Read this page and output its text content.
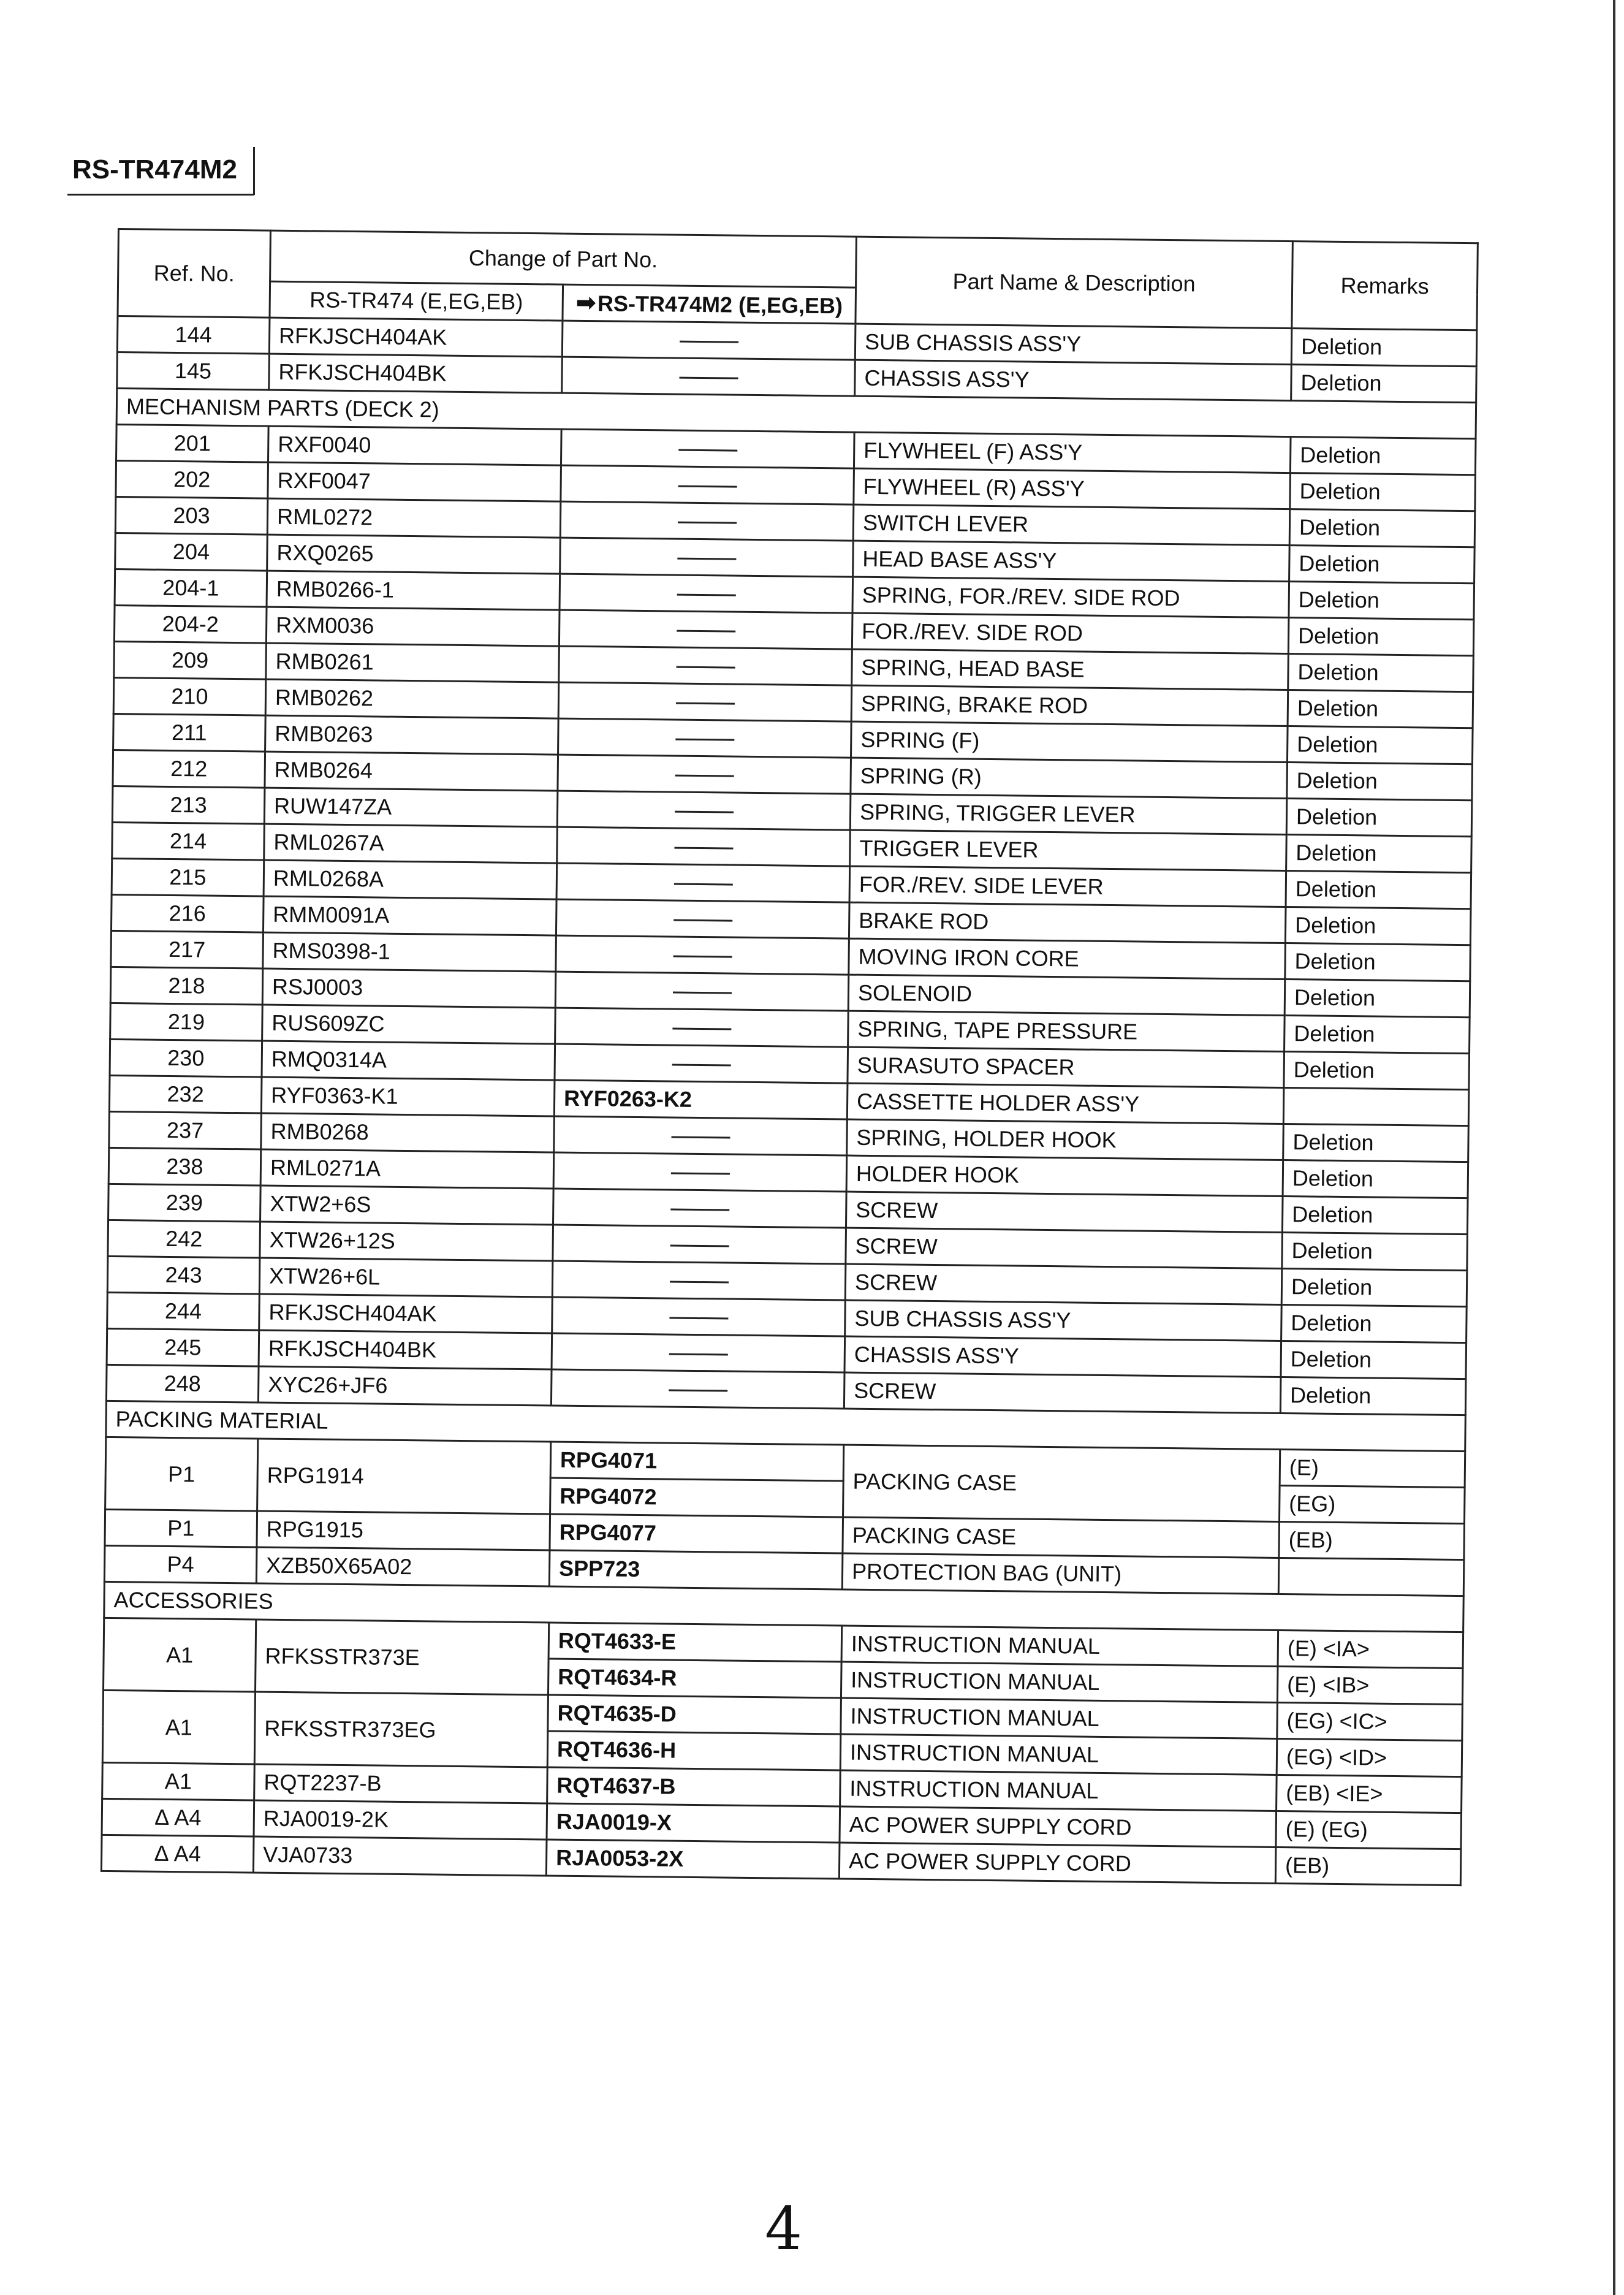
RS-TR474M2
Ref. No.	Change of Part No.		Part Name & Description	Remarks
	RS-TR474 (E,EG,EB)	➡RS-TR474M2 (E,EG,EB)		
144	RFKJSCH404AK		SUB CHASSIS ASS'Y	Deletion
145	RFKJSCH404BK		CHASSIS ASS'Y	Deletion
MECHANISM PARTS (DECK 2)				
201	RXF0040		FLYWHEEL (F) ASS'Y	Deletion
202	RXF0047		FLYWHEEL (R) ASS'Y	Deletion
203	RML0272		SWITCH LEVER	Deletion
204	RXQ0265		HEAD BASE ASS'Y	Deletion
204-1	RMB0266-1		SPRING, FOR./REV. SIDE ROD	Deletion
204-2	RXM0036		FOR./REV. SIDE ROD	Deletion
209	RMB0261		SPRING, HEAD BASE	Deletion
210	RMB0262		SPRING, BRAKE ROD	Deletion
211	RMB0263		SPRING (F)	Deletion
212	RMB0264		SPRING (R)	Deletion
213	RUW147ZA		SPRING, TRIGGER LEVER	Deletion
214	RML0267A		TRIGGER LEVER	Deletion
215	RML0268A		FOR./REV. SIDE LEVER	Deletion
216	RMM0091A		BRAKE ROD	Deletion
217	RMS0398-1		MOVING IRON CORE	Deletion
218	RSJ0003		SOLENOID	Deletion
219	RUS609ZC		SPRING, TAPE PRESSURE	Deletion
230	RMQ0314A		SURASUTO SPACER	Deletion
232	RYF0363-K1	RYF0263-K2	CASSETTE HOLDER ASS'Y	
237	RMB0268		SPRING, HOLDER HOOK	Deletion
238	RML0271A		HOLDER HOOK	Deletion
239	XTW2+6S		SCREW	Deletion
242	XTW26+12S		SCREW	Deletion
243	XTW26+6L		SCREW	Deletion
244	RFKJSCH404AK		SUB CHASSIS ASS'Y	Deletion
245	RFKJSCH404BK		CHASSIS ASS'Y	Deletion
248	XYC26+JF6		SCREW	Deletion
PACKING MATERIAL				
P1	RPG1914	RPG4071	PACKING CASE	(E)
		RPG4072		(EG)
P1	RPG1915	RPG4077	PACKING CASE	(EB)
P4	XZB50X65A02	SPP723	PROTECTION BAG (UNIT)	
ACCESSORIES				
A1	RFKSSTR373E	RQT4633-E	INSTRUCTION MANUAL	(E) <IA>
		RQT4634-R	INSTRUCTION MANUAL	(E) <IB>
A1	RFKSSTR373EG	RQT4635-D	INSTRUCTION MANUAL	(EG) <IC>
		RQT4636-H	INSTRUCTION MANUAL	(EG) <ID>
A1	RQT2237-B	RQT4637-B	INSTRUCTION MANUAL	(EB) <IE>
Δ A4	RJA0019-2K	RJA0019-X	AC POWER SUPPLY CORD	(E) (EG)
Δ A4	VJA0733	RJA0053-2X	AC POWER SUPPLY CORD	(EB)
4
